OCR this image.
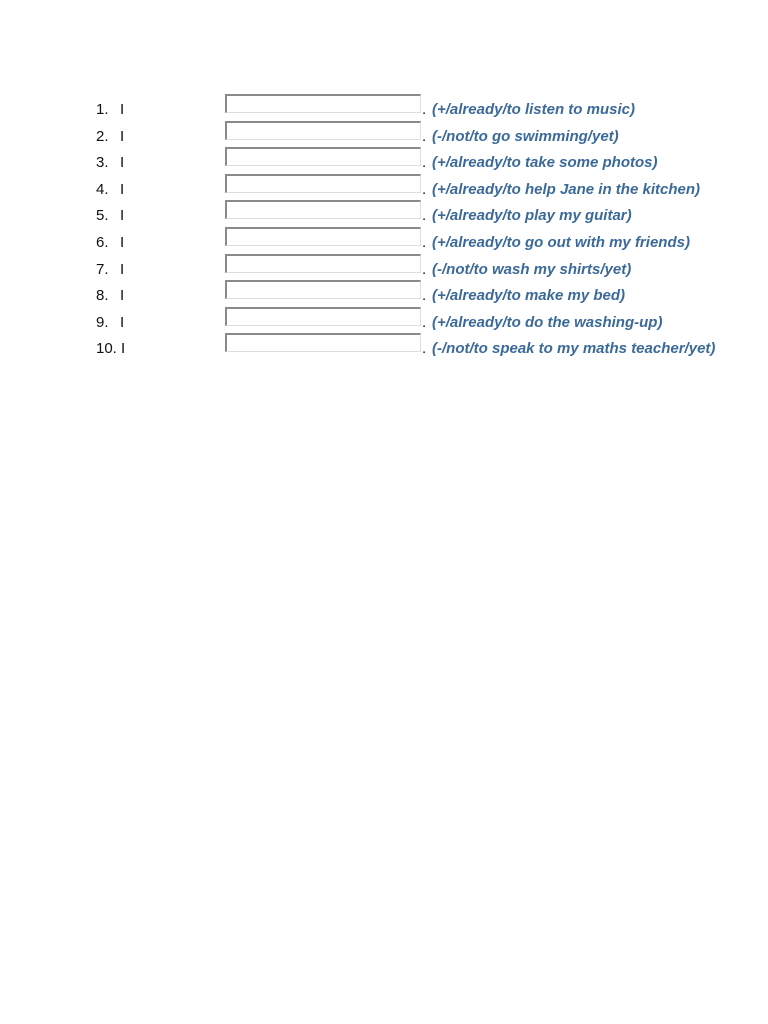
1. I	. (+/already/to listen to music)
2. I	. (-/not/to go swimming/yet)
3. I	. (+/already/to take some photos)
4. I	. (+/already/to help Jane in the kitchen)
5. I	. (+/already/to play my guitar)
6. I	. (+/already/to go out with my friends)
7. I	. (-/not/to wash my shirts/yet)
8. I	. (+/already/to make my bed)
9. I	. (+/already/to do the washing-up)
10. I	. (-/not/to speak to my maths teacher/yet)
